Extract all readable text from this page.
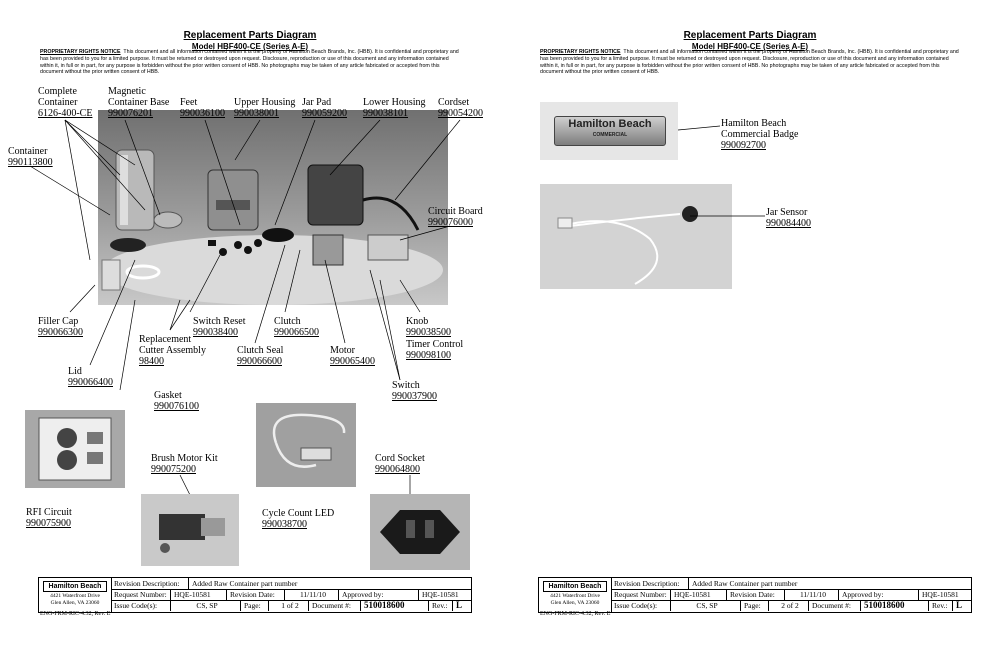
Replacement Parts Diagram
Model HBF400-CE (Series A-E)
PROPRIETARY RIGHTS NOTICE This document and all information contained within it is the property of Hamilton Beach Brands, Inc. (HBB). It is confidential and proprietary and has been provided to you for a limited purpose. It must be returned or destroyed upon request. Disclosure, reproduction or use of this document and any information contained within it, in full or in part, for any purpose is forbidden without the prior written consent of HBB. No photographs may be taken of any article fabricated or accepted from this document without the prior written consent of HBB.
Complete
Container
6126-400-CE
Magnetic
Container Base
990076201
Feet
990036100
Upper Housing
990038001
Jar Pad
990059200
Lower Housing
990038101
Cordset
990054200
Container
990113800
Circuit Board
990076000
Filler Cap
990066300
Switch Reset
990038400
Clutch
990066500
Knob
990038500
Timer Control
990098100
Replacement
Cutter Assembly
98400
Clutch Seal
990066600
Motor
990065400
Lid
990066400
Gasket
990076100
Switch
990037900
RFI Circuit
990075900
Brush Motor Kit
990075200
Cycle Count LED
990038700
Cord Socket
990064800
Hamilton Beach
4421 Waterfront Drive
Glen Allen, VA 23060
Revision Description:	Added Raw Container part number
Request Number: HQE-10581	Revision Date:	11/11/10	Approved by:	HQE-10581
Issue Code(s):	CS, SP	Page:	1 of 2	Document #:	510018600	Rev.: L
ENG-FRM-RIC-4.32, Rev. E
Replacement Parts Diagram
Model HBF400-CE (Series A-E)
PROPRIETARY RIGHTS NOTICE This document and all information contained within it is the property of Hamilton Beach Brands, Inc. (HBB). It is confidential and proprietary and has been provided to you for a limited purpose. It must be returned or destroyed upon request. Disclosure, reproduction or use of this document and any information contained within it, in full or in part, for any purpose is forbidden without the prior written consent of HBB. No photographs may be taken of any article fabricated or accepted from this document without the prior written consent of HBB.
Hamilton Beach
COMMERCIAL
Hamilton Beach
Commercial Badge
990092700
Jar Sensor
990084400
Hamilton Beach
4421 Waterfront Drive
Glen Allen, VA 23060
Revision Description:	Added Raw Container part number
Request Number: HQE-10581	Revision Date:	11/11/10	Approved by:	HQE-10581
Issue Code(s):	CS, SP	Page:	2 of 2	Document #:	510018600	Rev.: L
ENG-FRM-RIC-4.32, Rev. E
